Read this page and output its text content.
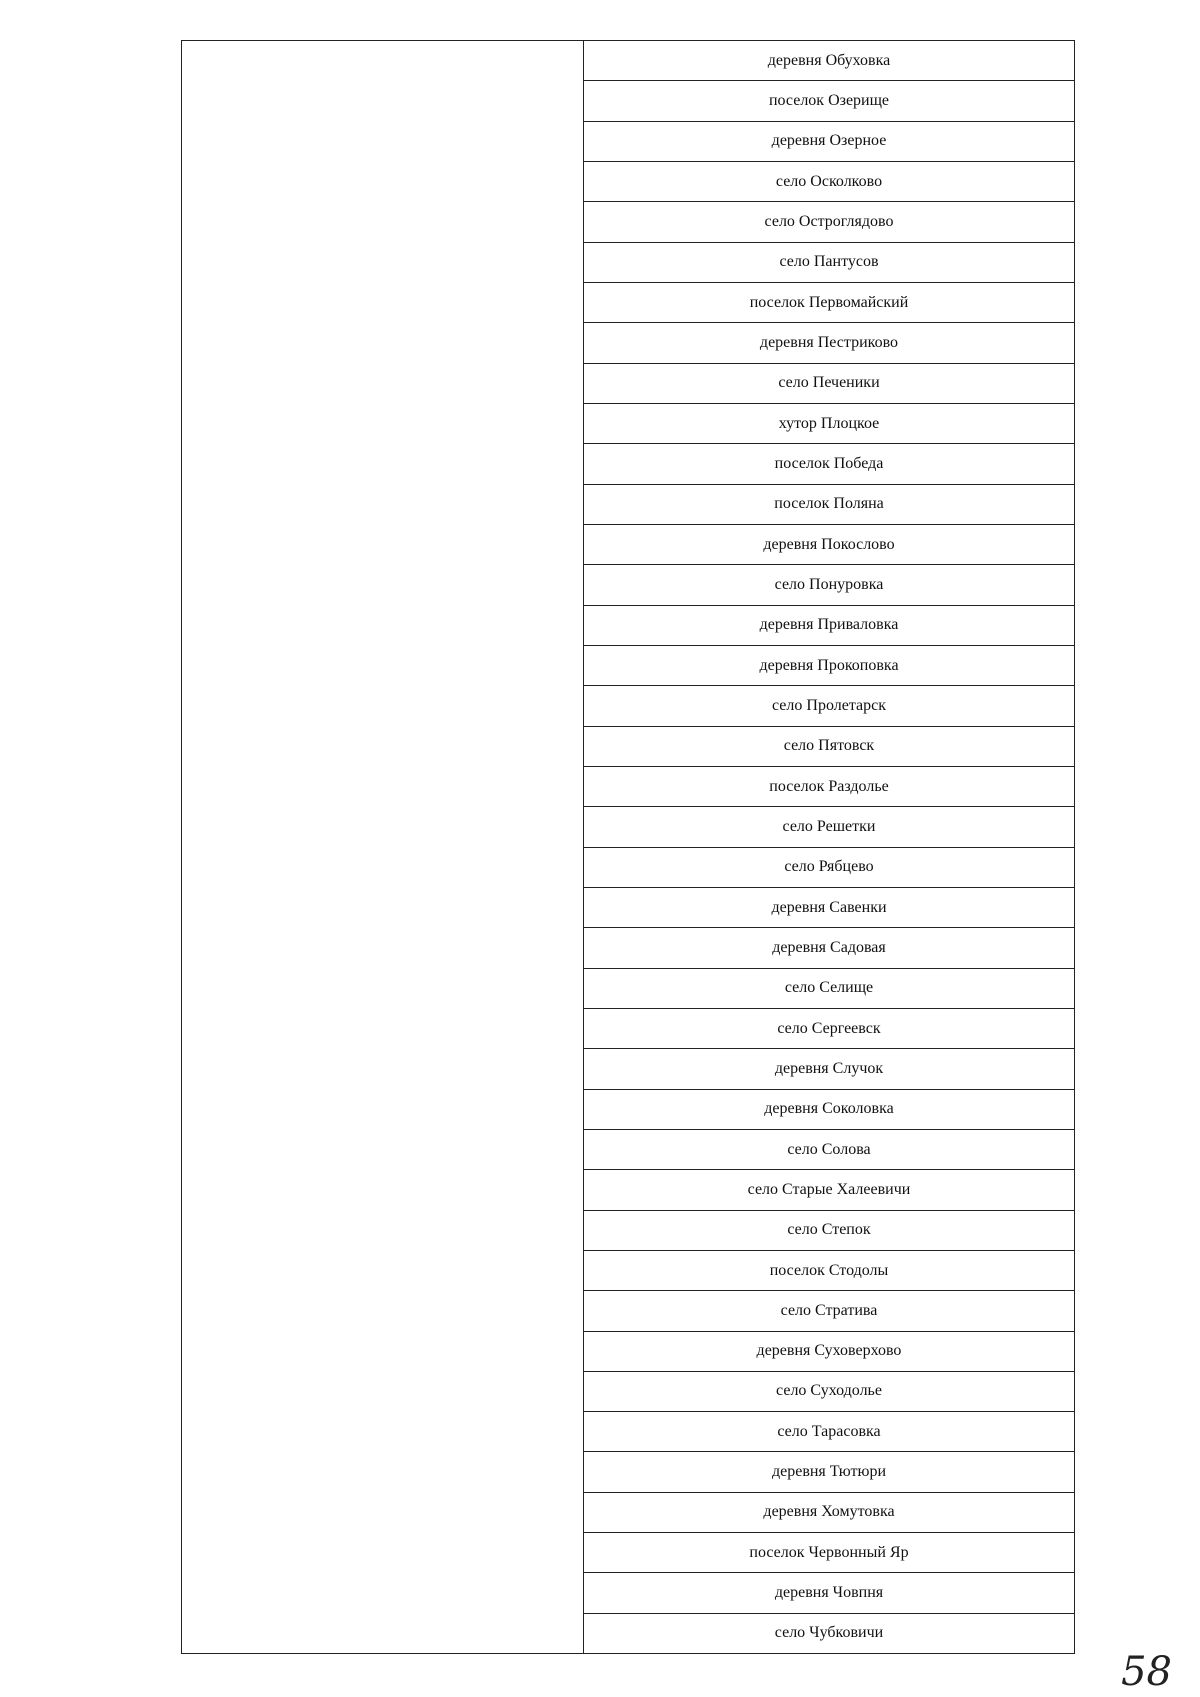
деревня Обуховка
поселок Озерище
деревня Озерное
село Осколково
село Остроглядово
село Пантусов
поселок Первомайский
деревня Пестриково
село Печеники
хутор Плоцкое
поселок Победа
поселок Поляна
деревня Покослово
село Понуровка
деревня Приваловка
деревня Прокоповка
село Пролетарск
село Пятовск
поселок Раздолье
село Решетки
село Рябцево
деревня Савенки
деревня Садовая
село Селище
село Сергеевск
деревня Случок
деревня Соколовка
село Солова
село Старые Халеевичи
село Степок
поселок Стодолы
село Стратива
деревня Суховерхово
село Суходолье
село Тарасовка
деревня Тютюри
деревня Хомутовка
поселок Червонный Яр
деревня Човпня
село Чубковичи
58
